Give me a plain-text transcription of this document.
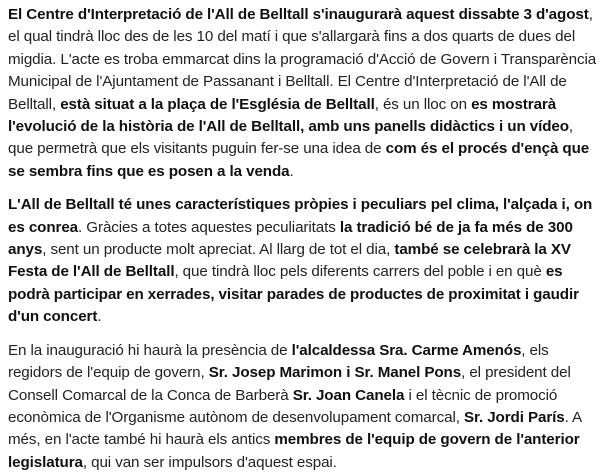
El Centre d'Interpretació de l'All de Belltall s'inaugurarà aquest dissabte 3 d'agost, el qual tindrà lloc des de les 10 del matí i que s'allargarà fins a dos quarts de dues del migdia. L'acte es troba emmarcat dins la programació d'Acció de Govern i Transparència Municipal de l'Ajuntament de Passanant i Belltall. El Centre d'Interpretació de l'All de Belltall, està situat a la plaça de l'Església de Belltall, és un lloc on es mostrarà l'evolució de la història de l'All de Belltall, amb uns panells didàctics i un vídeo, que permetrà que els visitants puguin fer-se una idea de com és el procés d'ençà que se sembra fins que es posen a la venda.

L'All de Belltall té unes característiques pròpies i peculiars pel clima, l'alçada i, on es conrea. Gràcies a totes aquestes peculiaritats la tradició bé de ja fa més de 300 anys, sent un producte molt apreciat. Al llarg de tot el dia, també se celebrarà la XV Festa de l'All de Belltall, que tindrà lloc pels diferents carrers del poble i en què es podrà participar en xerrades, visitar parades de productes de proximitat i gaudir d'un concert.

En la inauguració hi haurà la presència de l'alcaldessa Sra. Carme Amenós, els regidors de l'equip de govern, Sr. Josep Marimon i Sr. Manel Pons, el president del Consell Comarcal de la Conca de Barberà Sr. Joan Canela i el tècnic de promoció econòmica de l'Organisme autònom de desenvolupament comarcal, Sr. Jordi París. A més, en l'acte també hi haurà els antics membres de l'equip de govern de l'anterior legislatura, qui van ser impulsors d'aquest espai.
